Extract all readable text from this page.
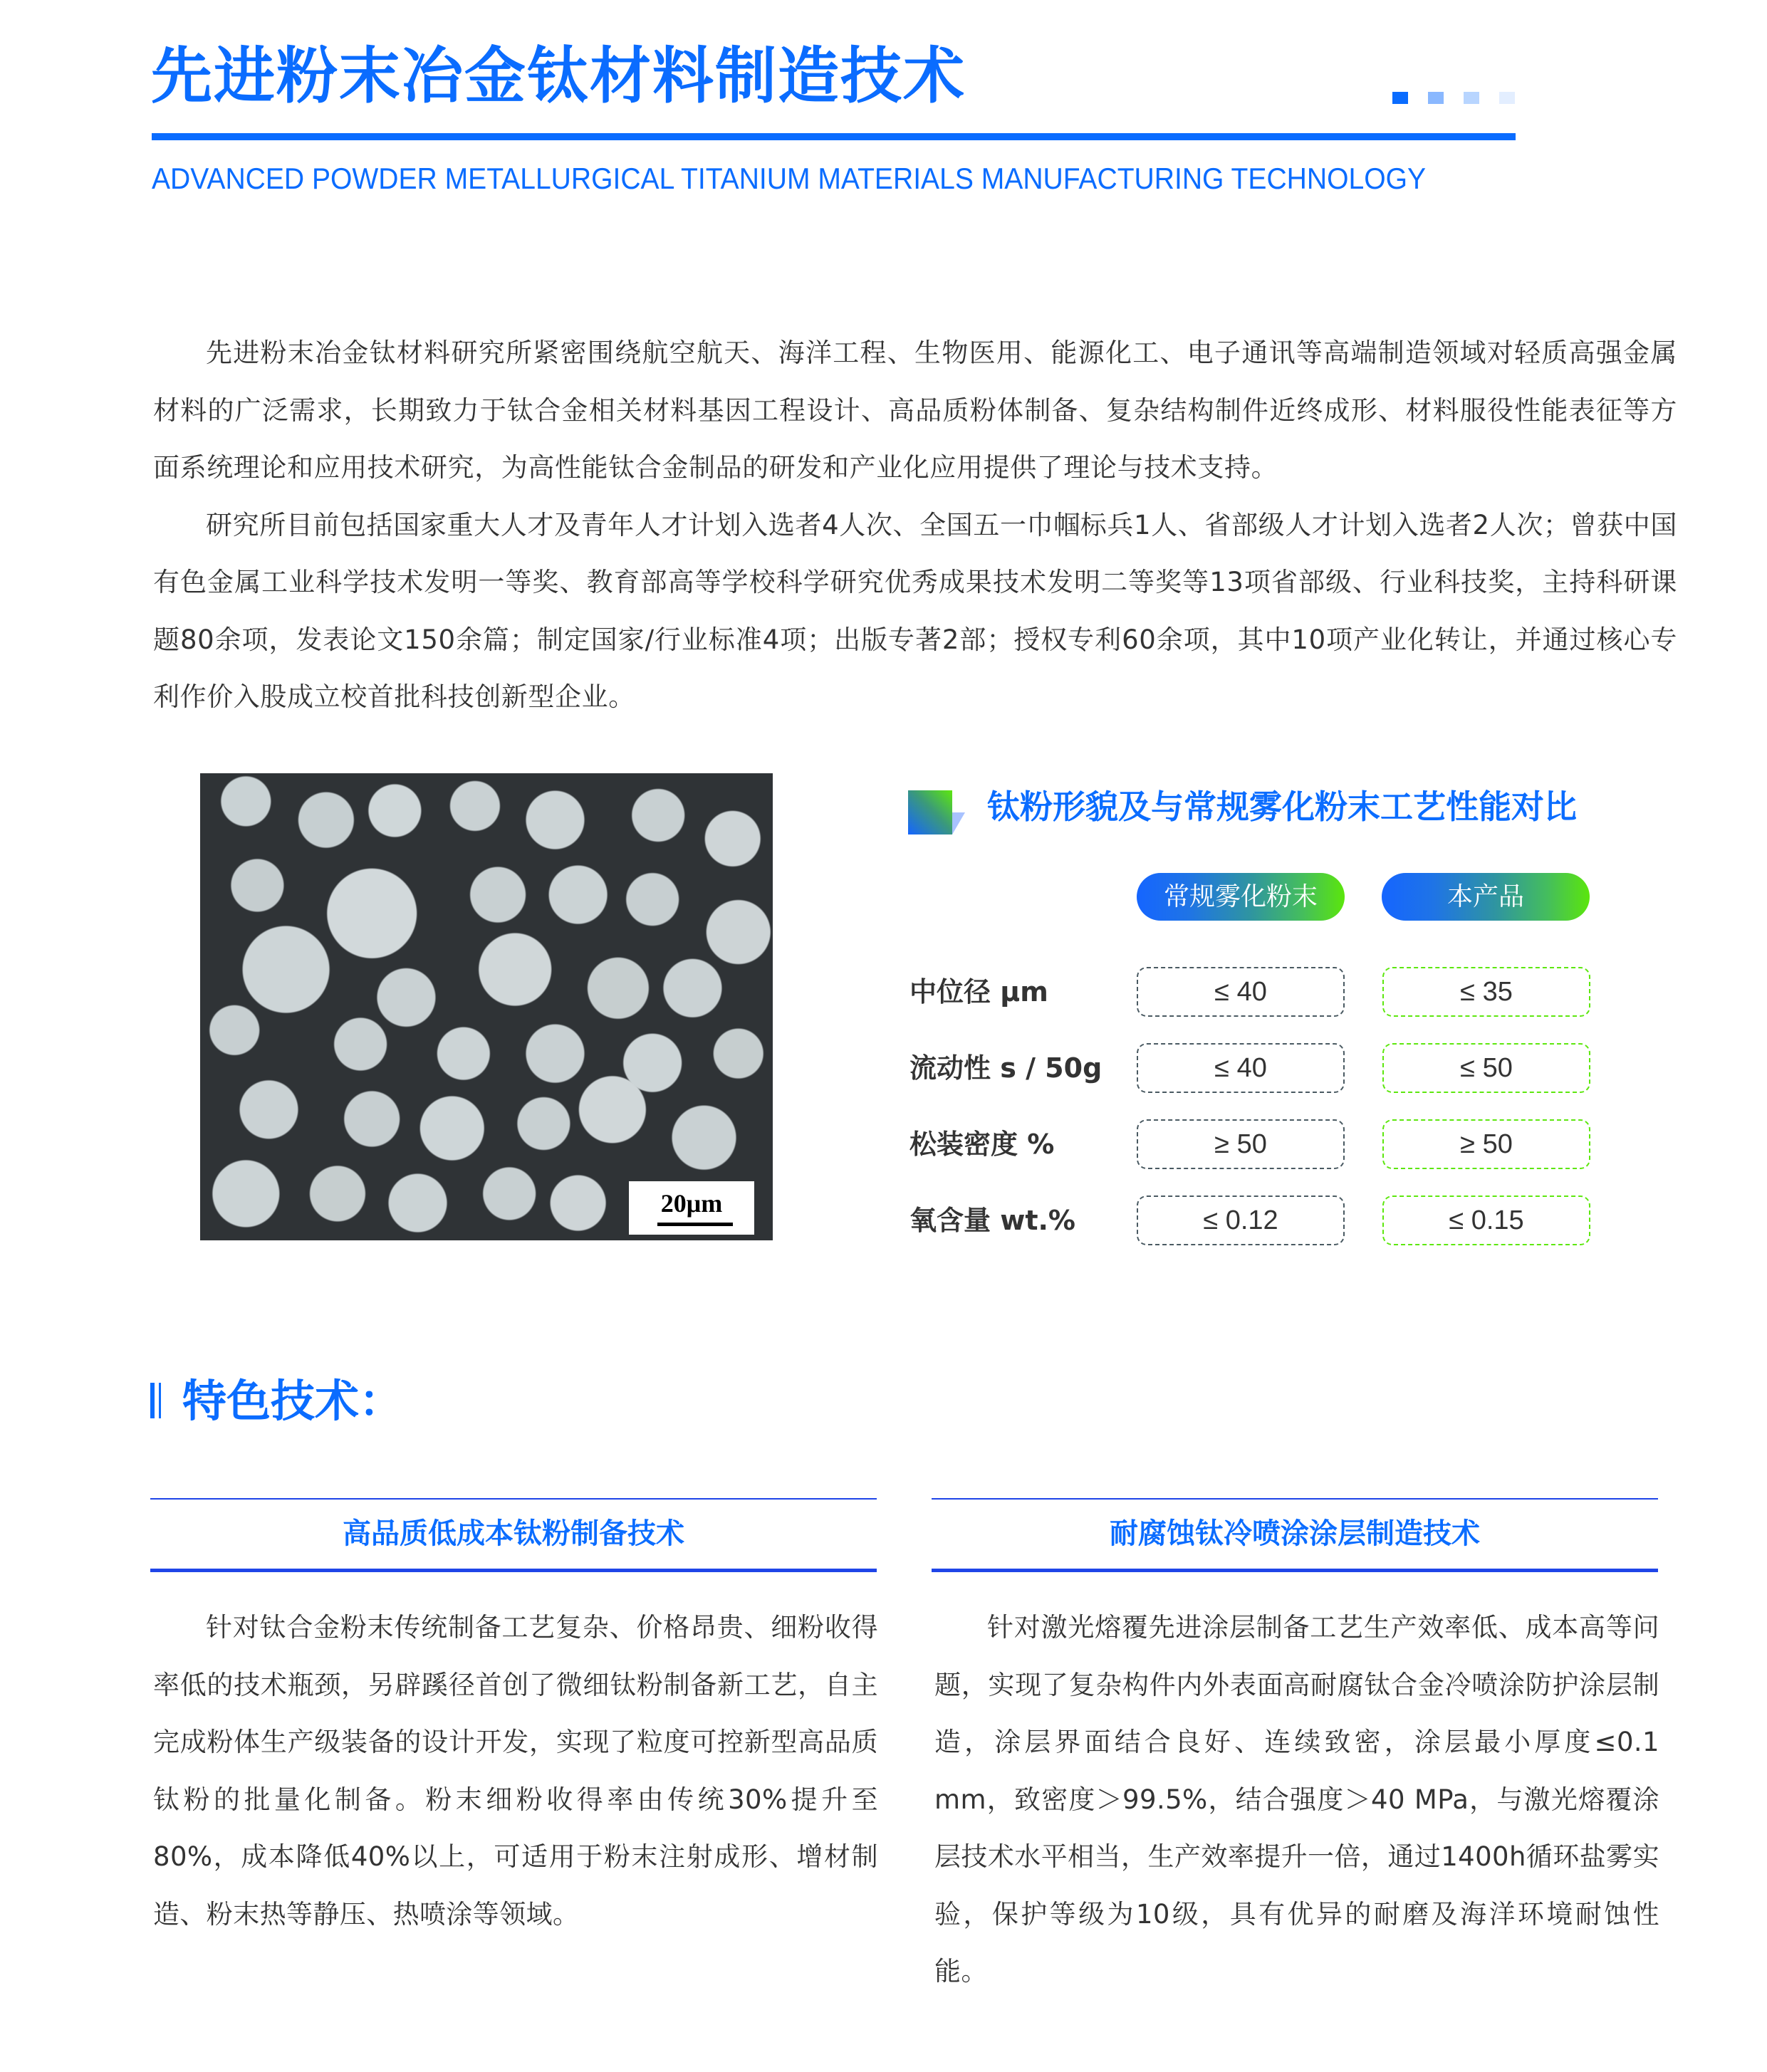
先进粉末冶金钛材料制造技术

ADVANCED POWDER METALLURGICAL TITANIUM MATERIALS MANUFACTURING TECHNOLOGY

先进粉末冶金钛材料研究所紧密围绕航空航天、海洋工程、生物医用、能源化工、电子通讯等高端制造领域对轻质高强金属材料的广泛需求，长期致力于钛合金相关材料基因工程设计、高品质粉体制备、复杂结构制件近终成形、材料服役性能表征等方面系统理论和应用技术研究，为高性能钛合金制品的研发和产业化应用提供了理论与技术支持。

研究所目前包括国家重大人才及青年人才计划入选者4人次、全国五一巾帼标兵1人、省部级人才计划入选者2人次；曾获中国有色金属工业科学技术发明一等奖、教育部高等学校科学研究优秀成果技术发明二等奖等13项省部级、行业科技奖，主持科研课题80余项，发表论文150余篇；制定国家/行业标准4项；出版专著2部；授权专利60余项，其中10项产业化转让，并通过核心专利作价入股成立校首批科技创新型企业。

20μm
钛粉形貌及与常规雾化粉末工艺性能对比
常规雾化粉末	本产品
中位径 μm	≤ 40	≤ 35
流动性 s / 50g	≤ 40	≤ 50
松装密度 %	≥ 50	≥ 50
氧含量 wt.%	≤ 0.12	≤ 0.15
特色技术：
高品质低成本钛粉制备技术

针对钛合金粉末传统制备工艺复杂、价格昂贵、细粉收得率低的技术瓶颈，另辟蹊径首创了微细钛粉制备新工艺，自主完成粉体生产级装备的设计开发，实现了粒度可控新型高品质钛粉的批量化制备。粉末细粉收得率由传统30%提升至80%，成本降低40%以上，可适用于粉末注射成形、增材制造、粉末热等静压、热喷涂等领域。

耐腐蚀钛冷喷涂涂层制造技术

针对激光熔覆先进涂层制备工艺生产效率低、成本高等问题，实现了复杂构件内外表面高耐腐钛合金冷喷涂防护涂层制造，涂层界面结合良好、连续致密，涂层最小厚度≤0.1 mm，致密度＞99.5%，结合强度＞40 MPa，与激光熔覆涂层技术水平相当，生产效率提升一倍，通过1400h循环盐雾实验，保护等级为10级，具有优异的耐磨及海洋环境耐蚀性能。
